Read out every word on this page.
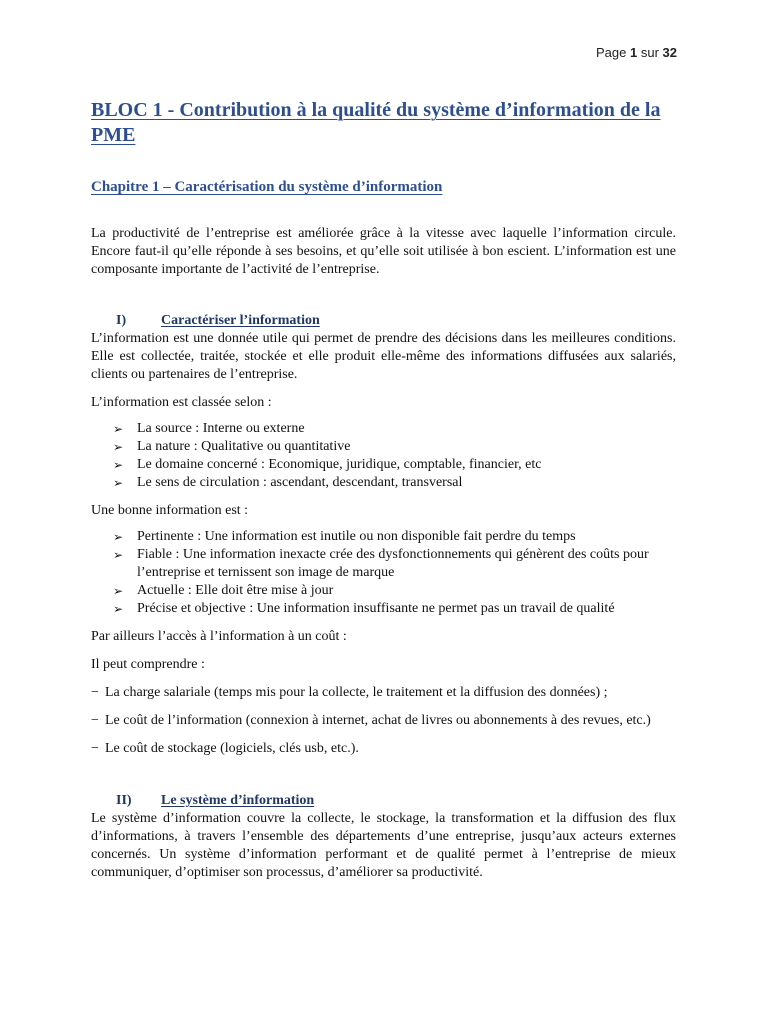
Page 1 sur 32
BLOC 1 - Contribution à la qualité du système d’information de la PME
Chapitre 1 – Caractérisation du système d’information

La productivité de l’entreprise est améliorée grâce à la vitesse avec laquelle l’information circule. Encore faut-il qu’elle réponde à ses besoins, et qu’elle soit utilisée à bon escient. L’information est une composante importante de l’activité de l’entreprise.

I)	Caractériser l’information

L’information est une donnée utile qui permet de prendre des décisions dans les meilleures conditions. Elle est collectée, traitée, stockée et elle produit elle-même des informations diffusées aux salariés, clients ou partenaires de l’entreprise.

L’information est classée selon :

➢ La source : Interne ou externe
➢ La nature : Qualitative ou quantitative
➢ Le domaine concerné : Economique, juridique, comptable, financier, etc
➢ Le sens de circulation : ascendant, descendant, transversal

Une bonne information est :

➢ Pertinente : Une information est inutile ou non disponible fait perdre du temps
➢ Fiable : Une information inexacte crée des dysfonctionnements qui génèrent des coûts pour l’entreprise et ternissent son image de marque
➢ Actuelle : Elle doit être mise à jour
➢ Précise et objective : Une information insuffisante ne permet pas un travail de qualité

Par ailleurs l’accès à l’information à un coût :

Il peut comprendre :

− La charge salariale (temps mis pour la collecte, le traitement et la diffusion des données) ;

− Le coût de l’information (connexion à internet, achat de livres ou abonnements à des revues, etc.)

− Le coût de stockage (logiciels, clés usb, etc.).

II)	Le système d’information

Le système d’information couvre la collecte, le stockage, la transformation et la diffusion des flux d’informations, à travers l’ensemble des départements d’une entreprise, jusqu’aux acteurs externes concernés. Un système d’information performant et de qualité permet à l’entreprise de mieux communiquer, d’optimiser son processus, d’améliorer sa productivité.
